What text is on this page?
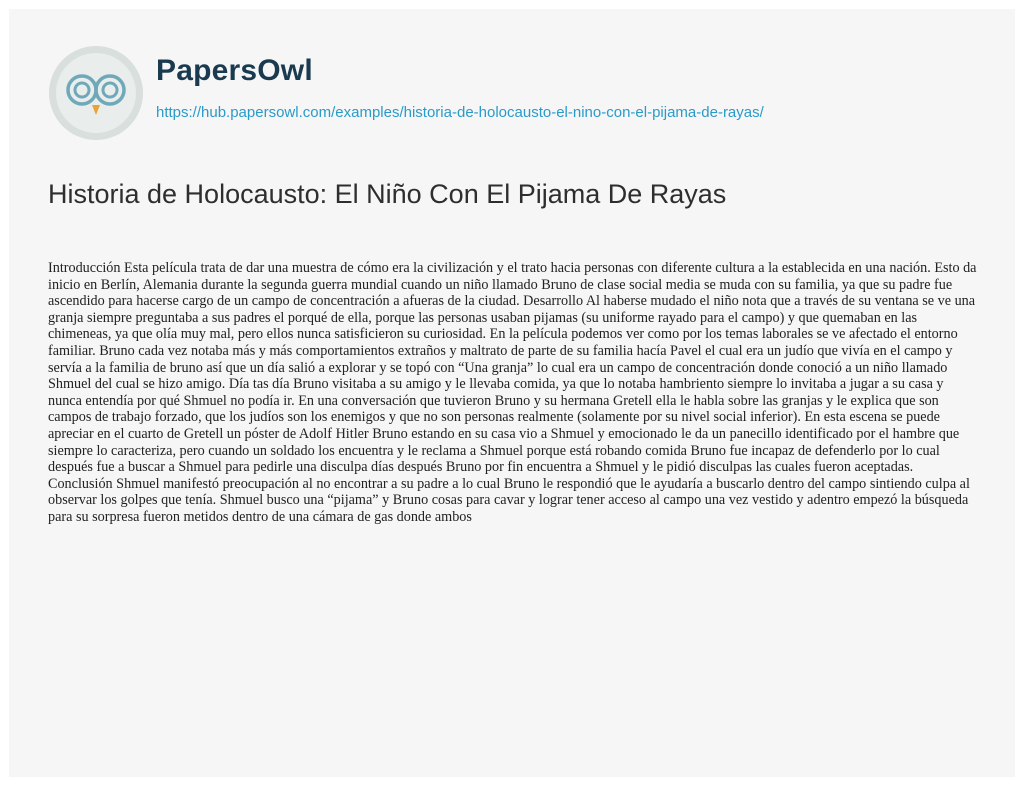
PapersOwl
https://hub.papersowl.com/examples/historia-de-holocausto-el-nino-con-el-pijama-de-rayas/
Historia de Holocausto: El Niño Con El Pijama De Rayas

Introducción Esta película trata de dar una muestra de cómo era la civilización y el trato hacia personas con diferente cultura a la establecida en una nación. Esto da inicio en Berlín, Alemania durante la segunda guerra mundial cuando un niño llamado Bruno de clase social media se muda con su familia, ya que su padre fue ascendido para hacerse cargo de un campo de concentración a afueras de la ciudad. Desarrollo Al haberse mudado el niño nota que a través de su ventana se ve una granja siempre preguntaba a sus padres el porqué de ella, porque las personas usaban pijamas (su uniforme rayado para el campo) y que quemaban en las chimeneas, ya que olía muy mal, pero ellos nunca satisficieron su curiosidad. En la película podemos ver como por los temas laborales se ve afectado el entorno familiar. Bruno cada vez notaba más y más comportamientos extraños y maltrato de parte de su familia hacía Pavel el cual era un judío que vivía en el campo y servía a la familia de bruno así que un día salió a explorar y se topó con “Una granja” lo cual era un campo de concentración donde conoció a un niño llamado Shmuel del cual se hizo amigo. Día tas día Bruno visitaba a su amigo y le llevaba comida, ya que lo notaba hambriento siempre lo invitaba a jugar a su casa y nunca entendía por qué Shmuel no podía ir. En una conversación que tuvieron Bruno y su hermana Gretell ella le habla sobre las granjas y le explica que son campos de trabajo forzado, que los judíos son los enemigos y que no son personas realmente (solamente por su nivel social inferior). En esta escena se puede apreciar en el cuarto de Gretell un póster de Adolf Hitler Bruno estando en su casa vio a Shmuel y emocionado le da un panecillo identificado por el hambre que siempre lo caracteriza, pero cuando un soldado los encuentra y le reclama a Shmuel porque está robando comida Bruno fue incapaz de defenderlo por lo cual después fue a buscar a Shmuel para pedirle una disculpa días después Bruno por fin encuentra a Shmuel y le pidió disculpas las cuales fueron aceptadas. Conclusión Shmuel manifestó preocupación al no encontrar a su padre a lo cual Bruno le respondió que le ayudaría a buscarlo dentro del campo sintiendo culpa al observar los golpes que tenía. Shmuel busco una “pijama” y Bruno cosas para cavar y lograr tener acceso al campo una vez vestido y adentro empezó la búsqueda para su sorpresa fueron metidos dentro de una cámara de gas donde ambos
